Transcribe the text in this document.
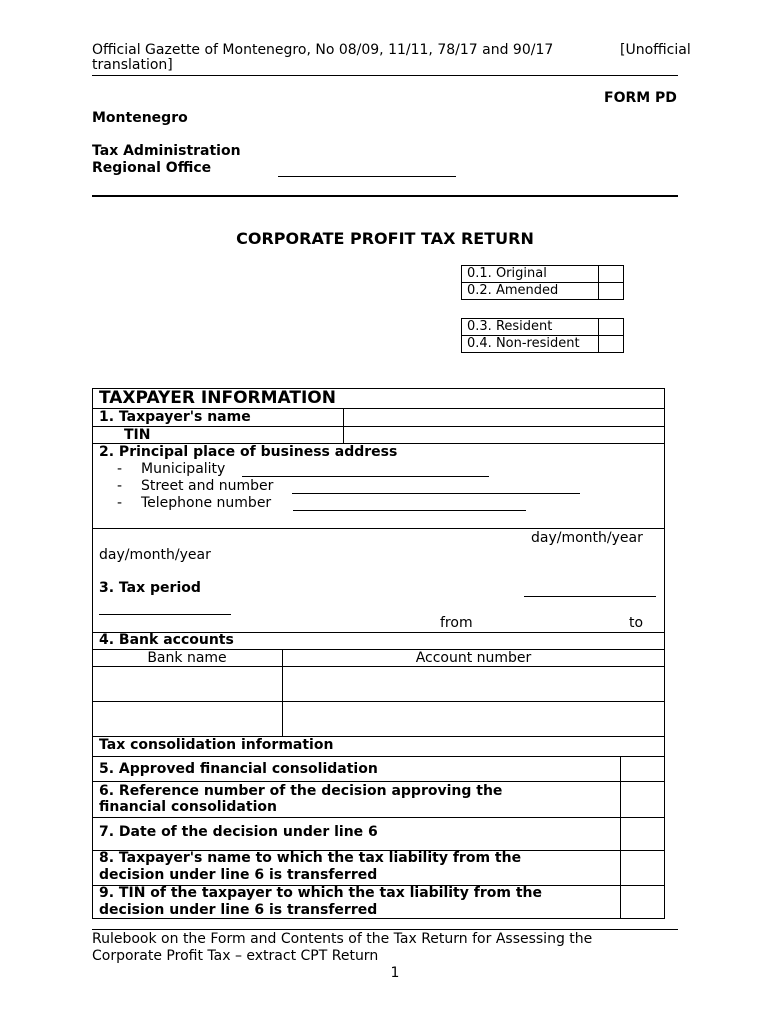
Official Gazette of Montenegro, No 08/09, 11/11, 78/17 and 90/17	[Unofficial
translation]
FORM PD
Montenegro
Tax Administration
Regional Office
CORPORATE PROFIT TAX RETURN
0.1. Original	
0.2. Amended	
0.3. Resident	
0.4. Non-resident	
TAXPAYER INFORMATION
1. Taxpayer's name
TIN
2. Principal place of business address
- Municipality
- Street and number
- Telephone number
day/month/year
day/month/year
3. Tax period
from	to
4. Bank accounts
Bank name	Account number
Tax consolidation information
5. Approved financial consolidation
6. Reference number of the decision approving the
financial consolidation
7. Date of the decision under line 6
8. Taxpayer's name to which the tax liability from the
decision under line 6 is transferred
9. TIN of the taxpayer to which the tax liability from the
decision under line 6 is transferred
Rulebook on the Form and Contents of the Tax Return for Assessing the
Corporate Profit Tax – extract CPT Return
1
